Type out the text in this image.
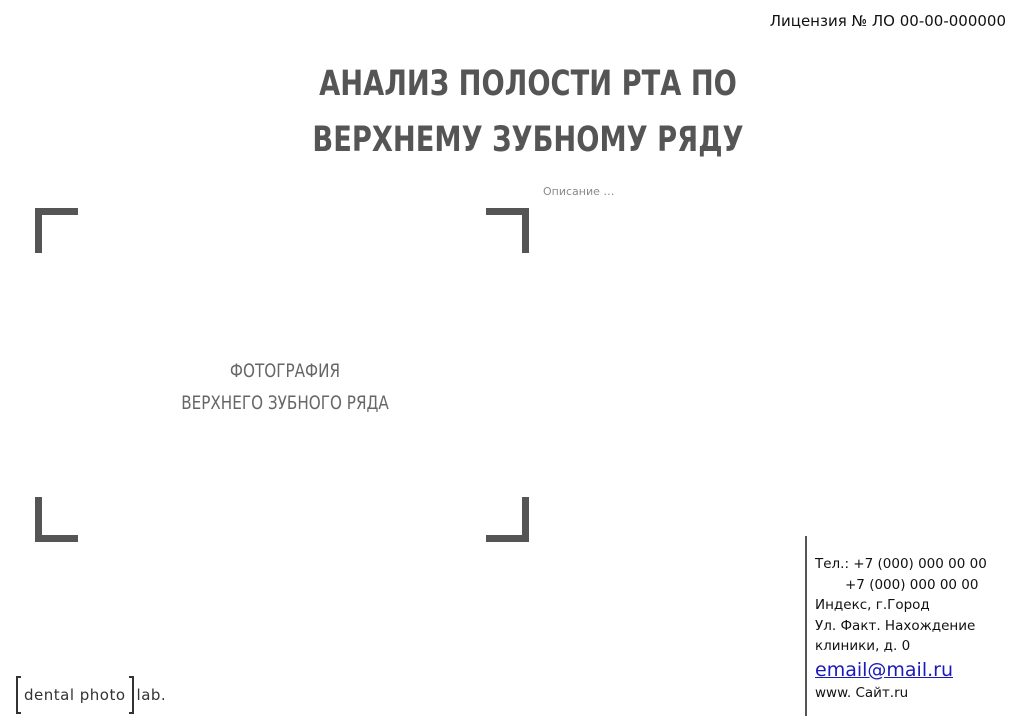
Лицензия № ЛО 00-00-000000
АНАЛИЗ ПОЛОСТИ РТА ПО
ВЕРХНЕМУ ЗУБНОМУ РЯДУ
Описание …
ФОТОГРАФИЯ
ВЕРХНЕГО ЗУБНОГО РЯДА
Тел.: +7 (000) 000 00 00
+7 (000) 000 00 00
Индекс, г.Город
Ул. Факт. Нахождение
клиники, д. 0
email@mail.ru
www. Сайт.ru
dental photo lab.
